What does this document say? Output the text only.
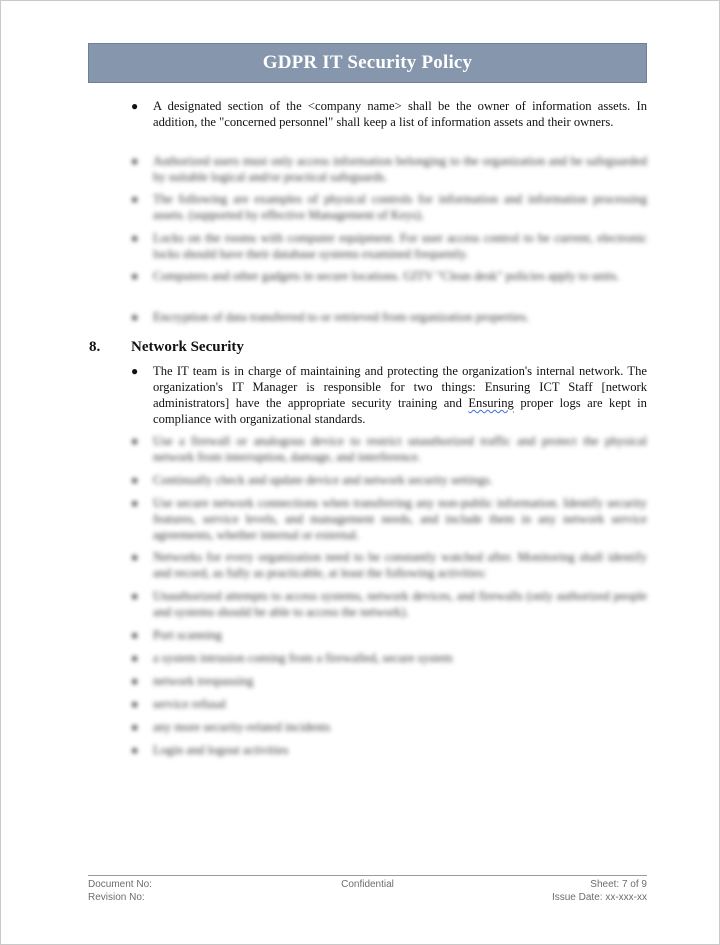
GDPR IT Security Policy
● A designated section of the <company name> shall be the owner of information assets. In addition, the "concerned personnel" shall keep a list of information assets and their owners.
● Authorized users must only access information belonging to the organization and be safeguarded by suitable logical and/or practical safeguards.
● The following are examples of physical controls for information and information processing assets. (supported by effective Management of Keys).
● Locks on the rooms with computer equipment. For user access control to be current, electronic locks should have their database systems examined frequently.
● Computers and other gadgets in secure locations. GITV "Clean desk" policies apply to units.
● Encryption of data transferred to or retrieved from organization properties.
8.	Network Security
● The IT team is in charge of maintaining and protecting the organization's internal network. The organization's IT Manager is responsible for two things: Ensuring ICT Staff [network administrators] have the appropriate security training and Ensuring proper logs are kept in compliance with organizational standards.
● Use a firewall or analogous device to restrict unauthorized traffic and protect the physical network from interruption, damage, and interference.
● Continually check and update device and network security settings.
● Use secure network connections when transferring any non-public information. Identify security features, service levels, and management needs, and include them in any network service agreements, whether internal or external.
● Networks for every organization need to be constantly watched after. Monitoring shall identify and record, as fully as practicable, at least the following activities:
● Unauthorized attempts to access systems, network devices, and firewalls (only authorized people and systems should be able to access the network).
● Port scanning
● a system intrusion coming from a firewalled, secure system
● network trespassing
● service refusal
● any more security-related incidents
● Login and logout activities
Document No:
Revision No:
Confidential	Sheet: 7 of 9
Issue Date: xx-xxx-xx
